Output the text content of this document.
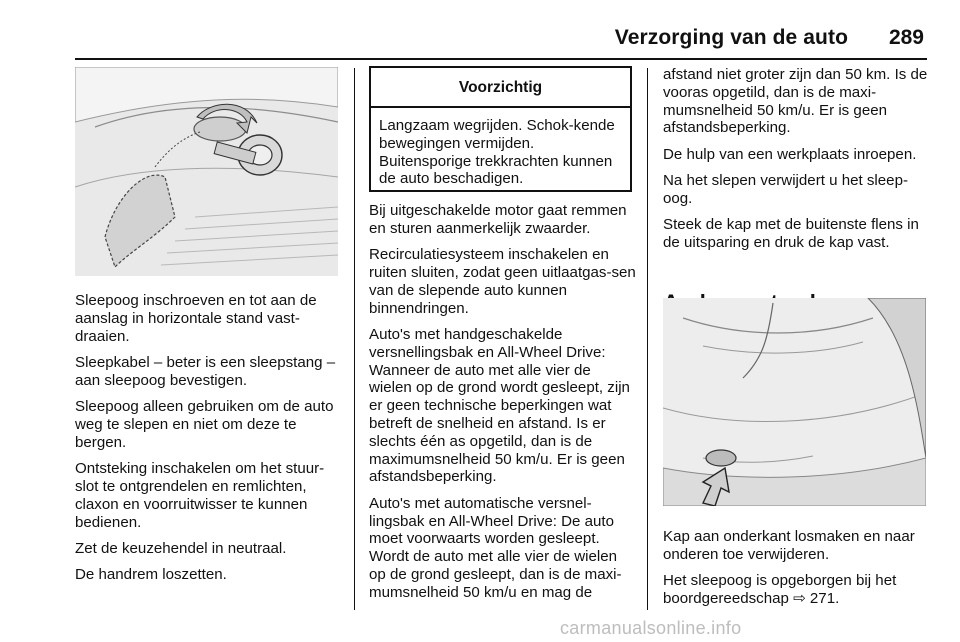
Verzorging van de auto 289

Sleepoog inschroeven en tot aan de aanslag in horizontale stand vast-draaien.

Sleepkabel – beter is een sleepstang – aan sleepoog bevestigen.

Sleepoog alleen gebruiken om de auto weg te slepen en niet om deze te bergen.

Ontsteking inschakelen om het stuur-slot te ontgrendelen en remlichten, claxon en voorruitwisser te kunnen bedienen.

Zet de keuzehendel in neutraal.

De handrem loszetten.

Voorzichtig
Langzaam wegrijden. Schok-kende bewegingen vermijden. Buitensporige trekkrachten kunnen de auto beschadigen.

Bij uitgeschakelde motor gaat remmen en sturen aanmerkelijk zwaarder.

Recirculatiesysteem inschakelen en ruiten sluiten, zodat geen uitlaatgas-sen van de slepende auto kunnen binnendringen.

Auto's met handgeschakelde versnellingsbak en All-Wheel Drive: Wanneer de auto met alle vier de wielen op de grond wordt gesleept, zijn er geen technische beperkingen wat betreft de snelheid en afstand. Is er slechts één as opgetild, dan is de maximumsnelheid 50 km/u. Er is geen afstandsbeperking.

Auto's met automatische versnel-lingsbak en All-Wheel Drive: De auto moet voorwaarts worden gesleept. Wordt de auto met alle vier de wielen op de grond gesleept, dan is de maxi-mumsnelheid 50 km/u en mag de

afstand niet groter zijn dan 50 km. Is de vooras opgetild, dan is de maxi-mumsnelheid 50 km/u. Er is geen afstandsbeperking.

De hulp van een werkplaats inroepen.

Na het slepen verwijdert u het sleep-oog.

Steek de kap met de buitenste flens in de uitsparing en druk de kap vast.

Kap aan onderkant losmaken en naar onderen toe verwijderen.

Het sleepoog is opgeborgen bij het boordgereedschap ⇨ 271.

carmanualsonline.info
